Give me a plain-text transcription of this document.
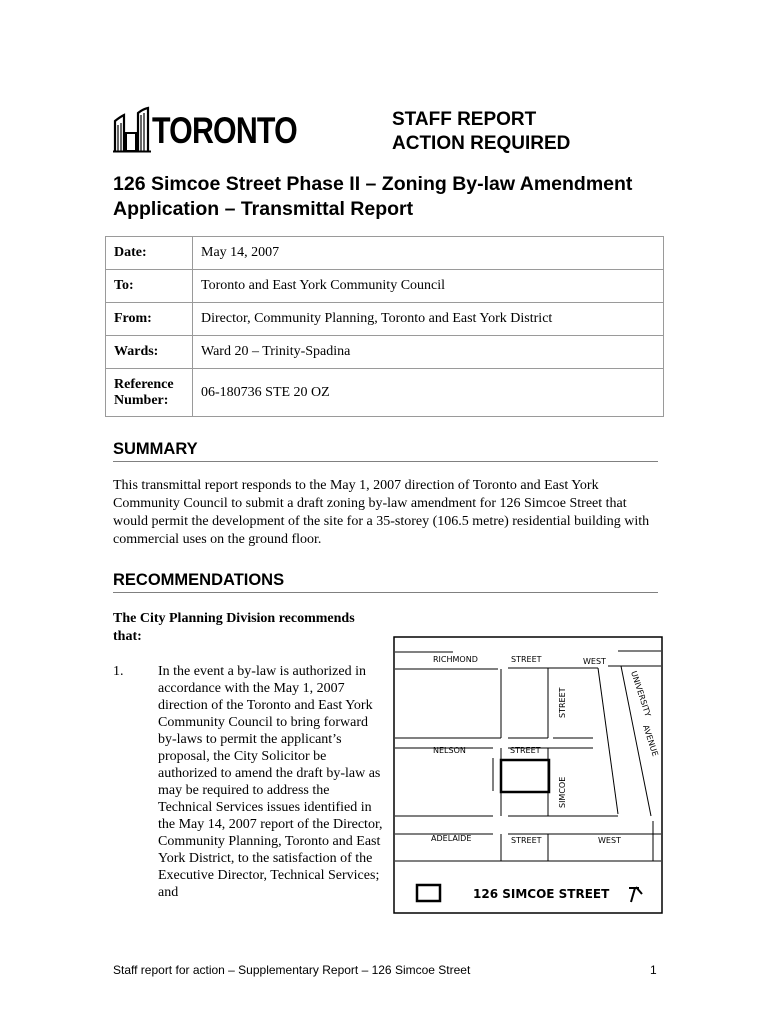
TORONTO	STAFF REPORT
ACTION REQUIRED
126 Simcoe Street Phase II – Zoning By-law Amendment
Application – Transmittal Report
Date:	May 14, 2007
To:	Toronto and East York Community Council
From:	Director, Community Planning, Toronto and East York District
Wards:	Ward 20 – Trinity-Spadina

Reference
Number:	06-180736 STE 20 OZ
SUMMARY
This transmittal report responds to the May 1, 2007 direction of Toronto and East York Community Council to submit a draft zoning by-law amendment for 126 Simcoe Street that would permit the development of the site for a 35-storey (106.5 metre) residential building with commercial uses on the ground floor.
RECOMMENDATIONS
The City Planning Division recommends that:
1. In the event a by-law is authorized in accordance with the May 1, 2007 direction of the Toronto and East York Community Council to bring forward by-laws to permit the applicant’s proposal, the City Solicitor be authorized to amend the draft by-law as may be required to address the Technical Services issues identified in the May 14, 2007 report of the Director, Community Planning, Toronto and East York District, to the satisfaction of the Executive Director, Technical Services; and
RICHMOND	STREET	WEST
UNIVERSITY
AVENUE
STREET
NELSON	STREET
SIMCOE
ADELAIDE	STREET	WEST
126 SIMCOE STREET
Staff report for action – Supplementary Report – 126 Simcoe Street	1
